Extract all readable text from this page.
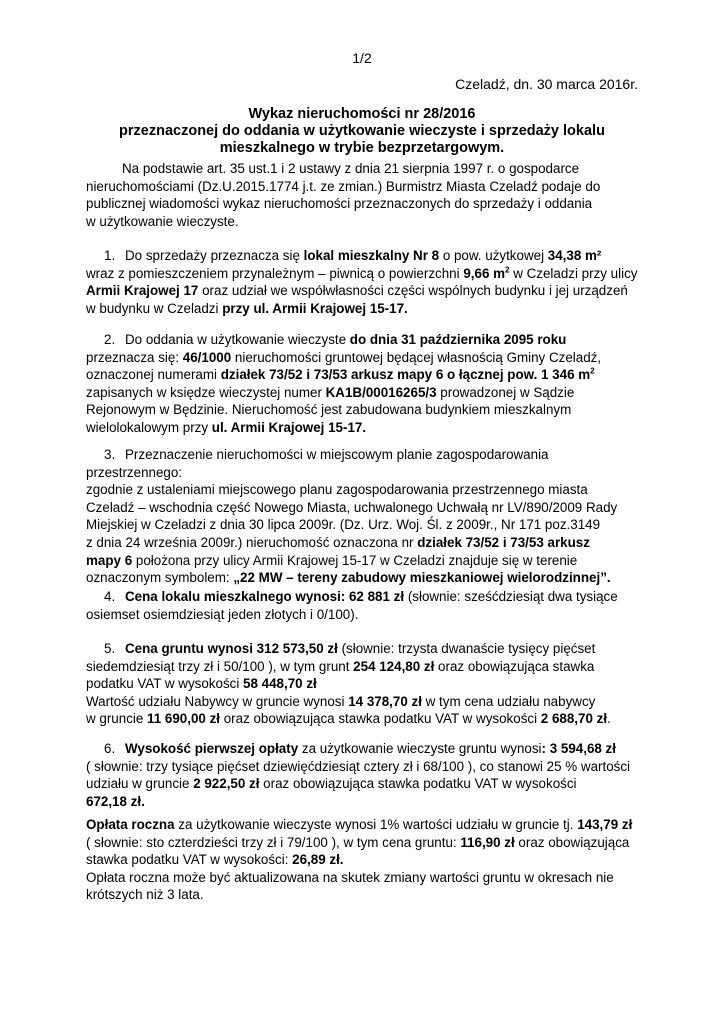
1/2
Czeladź, dn. 30 marca 2016r.
Wykaz nieruchomości nr 28/2016
przeznaczonej do oddania w użytkowanie wieczyste i sprzedaży lokalu
mieszkalnego w trybie bezprzetargowym.

Na podstawie art. 35 ust.1 i 2 ustawy z dnia 21 sierpnia 1997 r. o gospodarce

nieruchomościami (Dz.U.2015.1774 j.t. ze zmian.) Burmistrz Miasta Czeladź podaje do

publicznej wiadomości wykaz nieruchomości przeznaczonych do sprzedaży i oddania

w użytkowanie wieczyste.

1. Do sprzedaży przeznacza się lokal mieszkalny Nr 8 o pow. użytkowej 34,38 m²

wraz z pomieszczeniem przynależnym – piwnicą o powierzchni 9,66 $m^2$ w Czeladzi przy ulicy

Armii Krajowej 17 oraz udział we współwłasności części wspólnych budynku i jej urządzeń

w budynku w Czeladzi przy ul. Armii Krajowej 15-17.

2. Do oddania w użytkowanie wieczyste do dnia 31 października 2095 roku

przeznacza się: 46/1000 nieruchomości gruntowej będącej własnością Gminy Czeladź,

oznaczonej numerami działek 73/52 i 73/53 arkusz mapy 6 o łącznej pow. 1 346 $m^2$

zapisanych w księdze wieczystej numer KA1B/00016265/3 prowadzonej w Sądzie

Rejonowym w Będzinie. Nieruchomość jest zabudowana budynkiem mieszkalnym

wielolokalowym przy ul. Armii Krajowej 15-17.

3. Przeznaczenie nieruchomości w miejscowym planie zagospodarowania

przestrzennego:

zgodnie z ustaleniami miejscowego planu zagospodarowania przestrzennego miasta

Czeladź – wschodnia część Nowego Miasta, uchwalonego Uchwałą nr LV/890/2009 Rady

Miejskiej w Czeladzi z dnia 30 lipca 2009r. (Dz. Urz. Woj. Śl. z 2009r., Nr 171 poz.3149

z dnia 24 września 2009r.) nieruchomość oznaczona nr działek 73/52 i 73/53 arkusz

mapy 6 położona przy ulicy Armii Krajowej 15-17 w Czeladzi znajduje się w terenie

oznaczonym symbolem: „22 MW – tereny zabudowy mieszkaniowej wielorodzinnej”.

4. Cena lokalu mieszkalnego wynosi: 62 881 zł (słownie: sześćdziesiąt dwa tysiące

osiemset osiemdziesiąt jeden złotych i 0/100).

5. Cena gruntu wynosi 312 573,50 zł (słownie: trzysta dwanaście tysięcy pięćset

siedemdziesiąt trzy zł i 50/100 ), w tym grunt 254 124,80 zł oraz obowiązująca stawka

podatku VAT w wysokości 58 448,70 zł

Wartość udziału Nabywcy w gruncie wynosi 14 378,70 zł w tym cena udziału nabywcy

w gruncie 11 690,00 zł oraz obowiązująca stawka podatku VAT w wysokości 2 688,70 zł.

6. Wysokość pierwszej opłaty za użytkowanie wieczyste gruntu wynosi: 3 594,68 zł

( słownie: trzy tysiące pięćset dziewięćdziesiąt cztery zł i 68/100 ), co stanowi 25 % wartości

udziału w gruncie 2 922,50 zł oraz obowiązująca stawka podatku VAT w wysokości

672,18 zł.

Opłata roczna za użytkowanie wieczyste wynosi 1% wartości udziału w gruncie tj. 143,79 zł

( słownie: sto czterdzieści trzy zł i 79/100 ), w tym cena gruntu: 116,90 zł oraz obowiązująca

stawka podatku VAT w wysokości: 26,89 zł.

Opłata roczna może być aktualizowana na skutek zmiany wartości gruntu w okresach nie

krótszych niż 3 lata.
